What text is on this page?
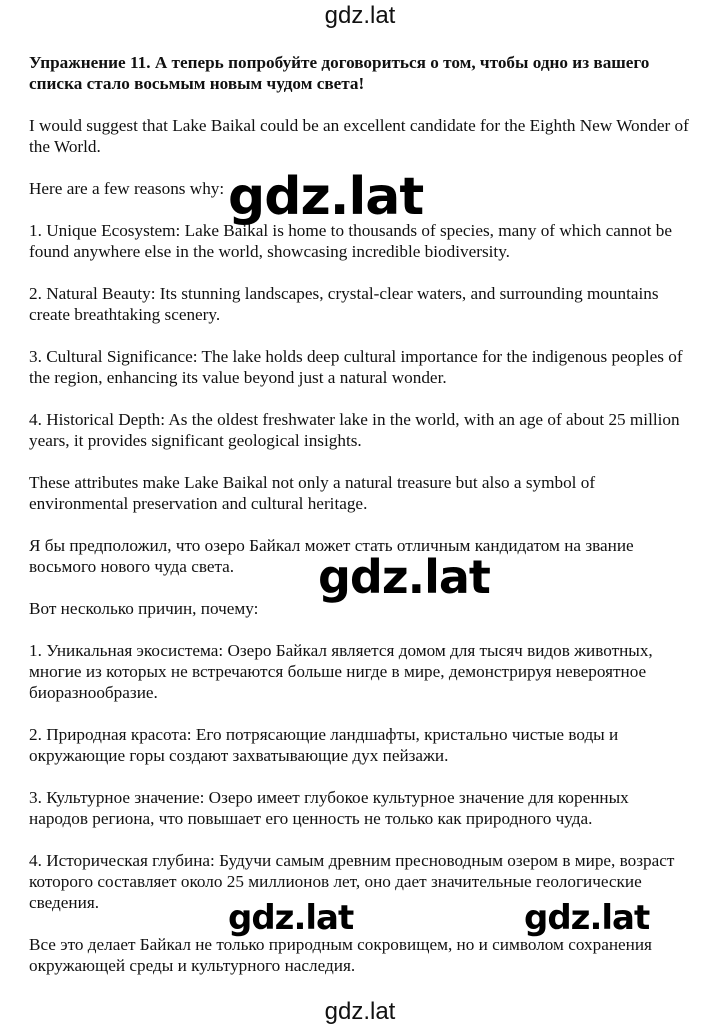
gdz.lat

Упражнение 11. А теперь попробуйте договориться о том, чтобы одно из вашего списка стало восьмым новым чудом света!

I would suggest that Lake Baikal could be an excellent candidate for the Eighth New Wonder of the World.

Here are a few reasons why:

1. Unique Ecosystem: Lake Baikal is home to thousands of species, many of which cannot be found anywhere else in the world, showcasing incredible biodiversity.

2. Natural Beauty: Its stunning landscapes, crystal-clear waters, and surrounding mountains create breathtaking scenery.

3. Cultural Significance: The lake holds deep cultural importance for the indigenous peoples of the region, enhancing its value beyond just a natural wonder.

4. Historical Depth: As the oldest freshwater lake in the world, with an age of about 25 million years, it provides significant geological insights.

These attributes make Lake Baikal not only a natural treasure but also a symbol of environmental preservation and cultural heritage.

Я бы предположил, что озеро Байкал может стать отличным кандидатом на звание восьмого нового чуда света.

Вот несколько причин, почему:

1. Уникальная экосистема: Озеро Байкал является домом для тысяч видов животных, многие из которых не встречаются больше нигде в мире, демонстрируя невероятное биоразнообразие.

2. Природная красота: Его потрясающие ландшафты, кристально чистые воды и окружающие горы создают захватывающие дух пейзажи.

3. Культурное значение: Озеро имеет глубокое культурное значение для коренных народов региона, что повышает его ценность не только как природного чуда.

4. Историческая глубина: Будучи самым древним пресноводным озером в мире, возраст которого составляет около 25 миллионов лет, оно дает значительные геологические сведения.

Все это делает Байкал не только природным сокровищем, но и символом сохранения окружающей среды и культурного наследия.

gdz.lat
gdz.lat
gdz.lat	gdz.lat
gdz.lat
